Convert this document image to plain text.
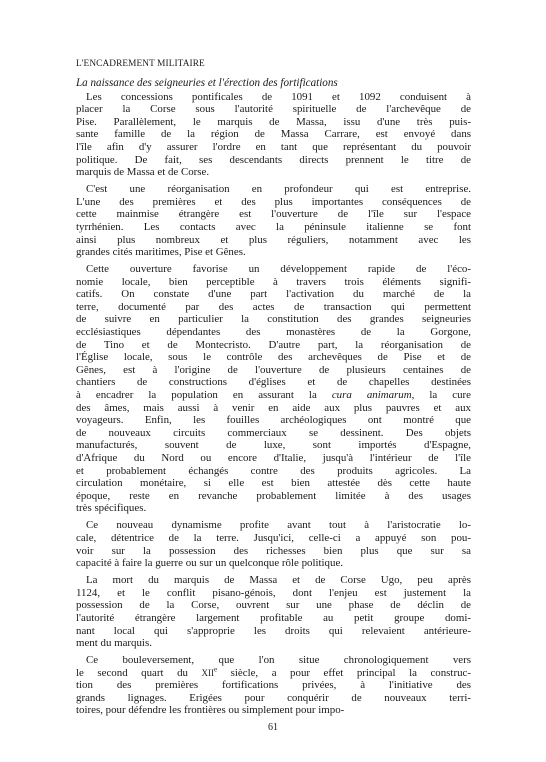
L'ENCADREMENT MILITAIRE
La naissance des seigneuries et l'érection des fortifications
Les concessions pontificales de 1091 et 1092 conduisent à
placer la Corse sous l'autorité spirituelle de l'archevêque de
Pise. Parallèlement, le marquis de Massa, issu d'une très puis-
sante famille de la région de Massa Carrare, est envoyé dans
l'île afin d'y assurer l'ordre en tant que représentant du pouvoir
politique. De fait, ses descendants directs prennent le titre de
marquis de Massa et de Corse.
C'est une réorganisation en profondeur qui est entreprise.
L'une des premières et des plus importantes conséquences de
cette mainmise étrangère est l'ouverture de l'île sur l'espace
tyrrhénien. Les contacts avec la péninsule italienne se font
ainsi plus nombreux et plus réguliers, notamment avec les
grandes cités maritimes, Pise et Gênes.
Cette ouverture favorise un développement rapide de l'éco-
nomie locale, bien perceptible à travers trois éléments signifi-
catifs. On constate d'une part l'activation du marché de la
terre, documenté par des actes de transaction qui permettent
de suivre en particulier la constitution des grandes seigneuries
ecclésiastiques dépendantes des monastères de la Gorgone,
de Tino et de Montecristo. D'autre part, la réorganisation de
l'Église locale, sous le contrôle des archevêques de Pise et de
Gênes, est à l'origine de l'ouverture de plusieurs centaines de
chantiers de constructions d'églises et de chapelles destinées
à encadrer la population en assurant la cura animarum, la cure
des âmes, mais aussi à venir en aide aux plus pauvres et aux
voyageurs. Enfin, les fouilles archéologiques ont montré que
de nouveaux circuits commerciaux se dessinent. Des objets
manufacturés, souvent de luxe, sont importés d'Espagne,
d'Afrique du Nord ou encore d'Italie, jusqu'à l'intérieur de l'île
et probablement échangés contre des produits agricoles. La
circulation monétaire, si elle est bien attestée dès cette haute
époque, reste en revanche probablement limitée à des usages
très spécifiques.
Ce nouveau dynamisme profite avant tout à l'aristocratie lo-
cale, détentrice de la terre. Jusqu'ici, celle-ci a appuyé son pou-
voir sur la possession des richesses bien plus que sur sa
capacité à faire la guerre ou sur un quelconque rôle politique.
La mort du marquis de Massa et de Corse Ugo, peu après
1124, et le conflit pisano-génois, dont l'enjeu est justement la
possession de la Corse, ouvrent sur une phase de déclin de
l'autorité étrangère largement profitable au petit groupe domi-
nant local qui s'approprie les droits qui relevaient antérieure-
ment du marquis.
Ce bouleversement, que l'on situe chronologiquement vers
le second quart du XIIe siècle, a pour effet principal la construc-
tion des premières fortifications privées, à l'initiative des
grands lignages. Erigées pour conquérir de nouveaux terri-
toires, pour défendre les frontières ou simplement pour impo-
61
